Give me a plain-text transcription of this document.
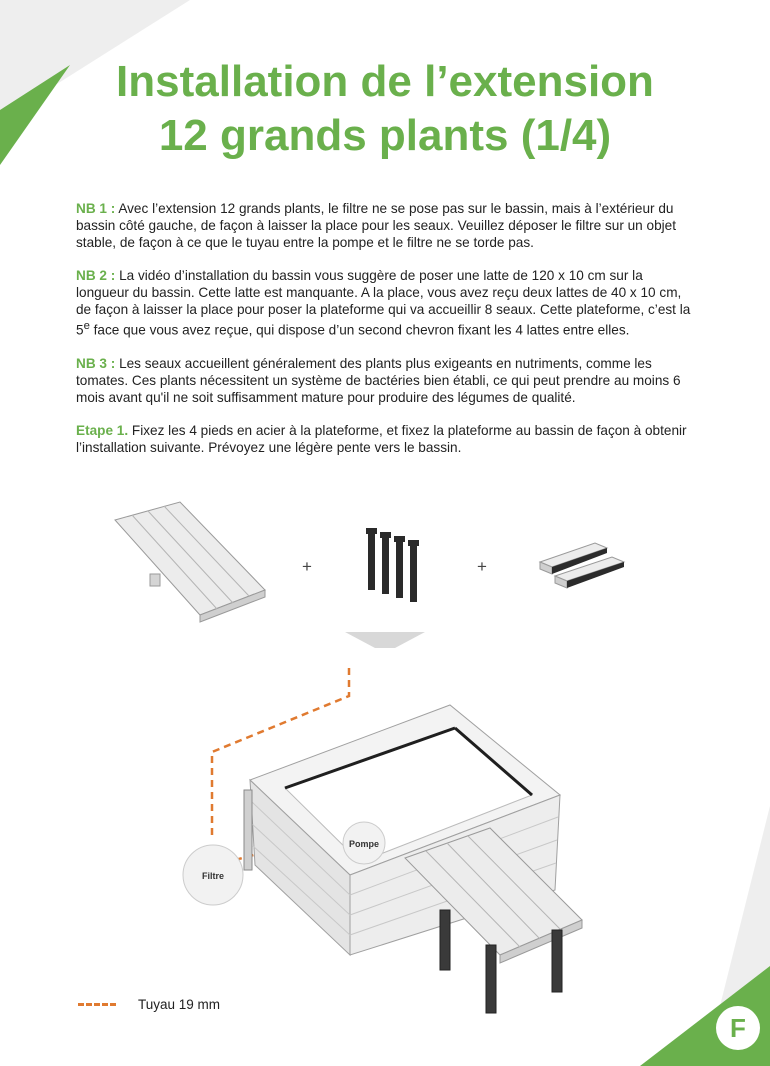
Installation de l’extension
12 grands plants (1/4)

NB 1 : Avec l’extension 12 grands plants, le filtre ne se pose pas sur le bassin, mais à l’extérieur du bassin côté gauche, de façon à laisser la place pour les seaux. Veuillez déposer le filtre sur un objet stable, de façon à ce que le tuyau entre la pompe et le filtre ne se torde pas.

NB 2 : La vidéo d’installation du bassin vous suggère de poser une latte de 120 x 10 cm sur la longueur du bassin. Cette latte est manquante. A la place, vous avez reçu deux lattes de 40 x 10 cm, de façon à laisser la place pour poser la plateforme qui va accueillir 8 seaux. Cette plateforme, c’est la 5e face que vous avez reçue, qui dispose d’un second chevron fixant les 4 lattes entre elles.

NB 3 : Les seaux accueillent généralement des plants plus exigeants en nutriments, comme les tomates. Ces plants nécessitent un système de bactéries bien établi, ce qui peut prendre au moins 6 mois avant qu'il ne soit suffisamment mature pour produire des légumes de qualité.

Etape 1. Fixez les 4 pieds en acier à la plateforme, et fixez la plateforme au bassin de façon à obtenir l’installation suivante. Prévoyez une légère pente vers le bassin.

+	+
Filtre
Pompe
Tuyau 19 mm
F
